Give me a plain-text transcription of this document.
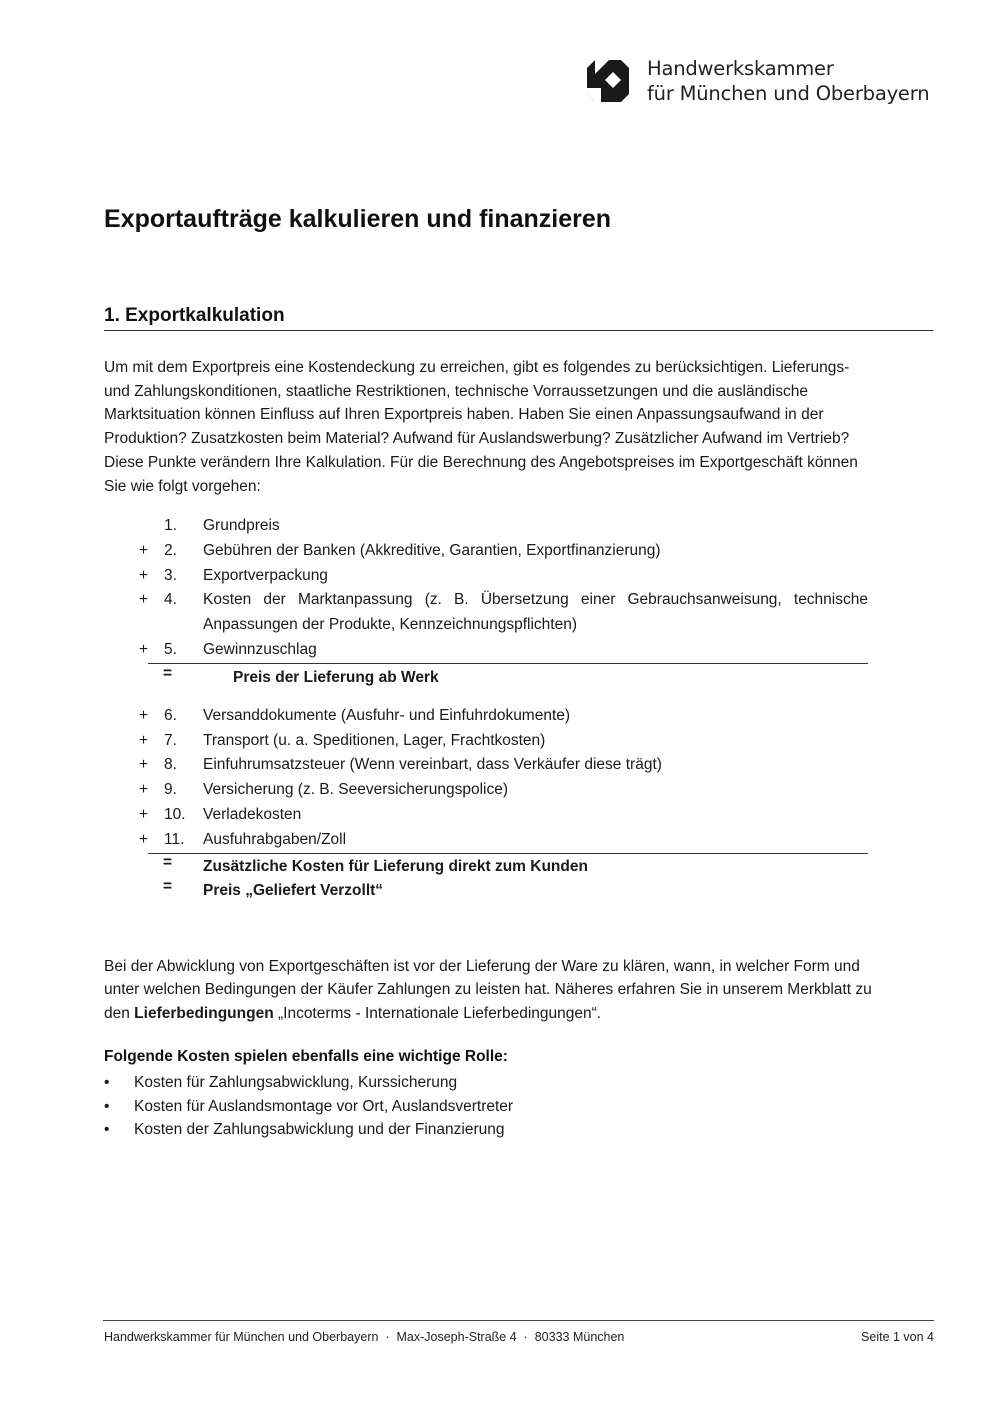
Handwerkskammer
für München und Oberbayern
Exportaufträge kalkulieren und finanzieren
1. Exportkalkulation
Um mit dem Exportpreis eine Kostendeckung zu erreichen, gibt es folgendes zu berücksichtigen. Lieferungs-
und Zahlungskonditionen, staatliche Restriktionen, technische Vorraussetzungen und die ausländische
Marktsituation können Einfluss auf Ihren Exportpreis haben. Haben Sie einen Anpassungsaufwand in der
Produktion? Zusatzkosten beim Material? Aufwand für Auslandswerbung? Zusätzlicher Aufwand im Vertrieb?
Diese Punkte verändern Ihre Kalkulation. Für die Berechnung des Angebotspreises im Exportgeschäft können
Sie wie folgt vorgehen:
1. Grundpreis
+	2. Gebühren der Banken (Akkreditive, Garantien, Exportfinanzierung)
+	3. Exportverpackung
+	4. Kosten der Marktanpassung (z. B. Übersetzung einer Gebrauchsanweisung, technische Anpassungen der Produkte, Kennzeichnungspflichten)
+	5. Gewinnzuschlag
=	Preis der Lieferung ab Werk
+	6. Versanddokumente (Ausfuhr- und Einfuhrdokumente)
+	7. Transport (u. a. Speditionen, Lager, Frachtkosten)
+	8. Einfuhrumsatzsteuer (Wenn vereinbart, dass Verkäufer diese trägt)
+	9. Versicherung (z. B. Seeversicherungspolice)
+	10. Verladekosten
+	11. Ausfuhrabgaben/Zoll
= Zusätzliche Kosten für Lieferung direkt zum Kunden
= Preis „Geliefert Verzollt“
Bei der Abwicklung von Exportgeschäften ist vor der Lieferung der Ware zu klären, wann, in welcher Form und
unter welchen Bedingungen der Käufer Zahlungen zu leisten hat. Näheres erfahren Sie in unserem Merkblatt zu
den Lieferbedingungen „Incoterms - Internationale Lieferbedingungen“.
Folgende Kosten spielen ebenfalls eine wichtige Rolle:
• Kosten für Zahlungsabwicklung, Kurssicherung
• Kosten für Auslandsmontage vor Ort, Auslandsvertreter
• Kosten der Zahlungsabwicklung und der Finanzierung
Handwerkskammer für München und Oberbayern  ·  Max-Joseph-Straße 4  ·  80333 München	Seite 1 von 4
